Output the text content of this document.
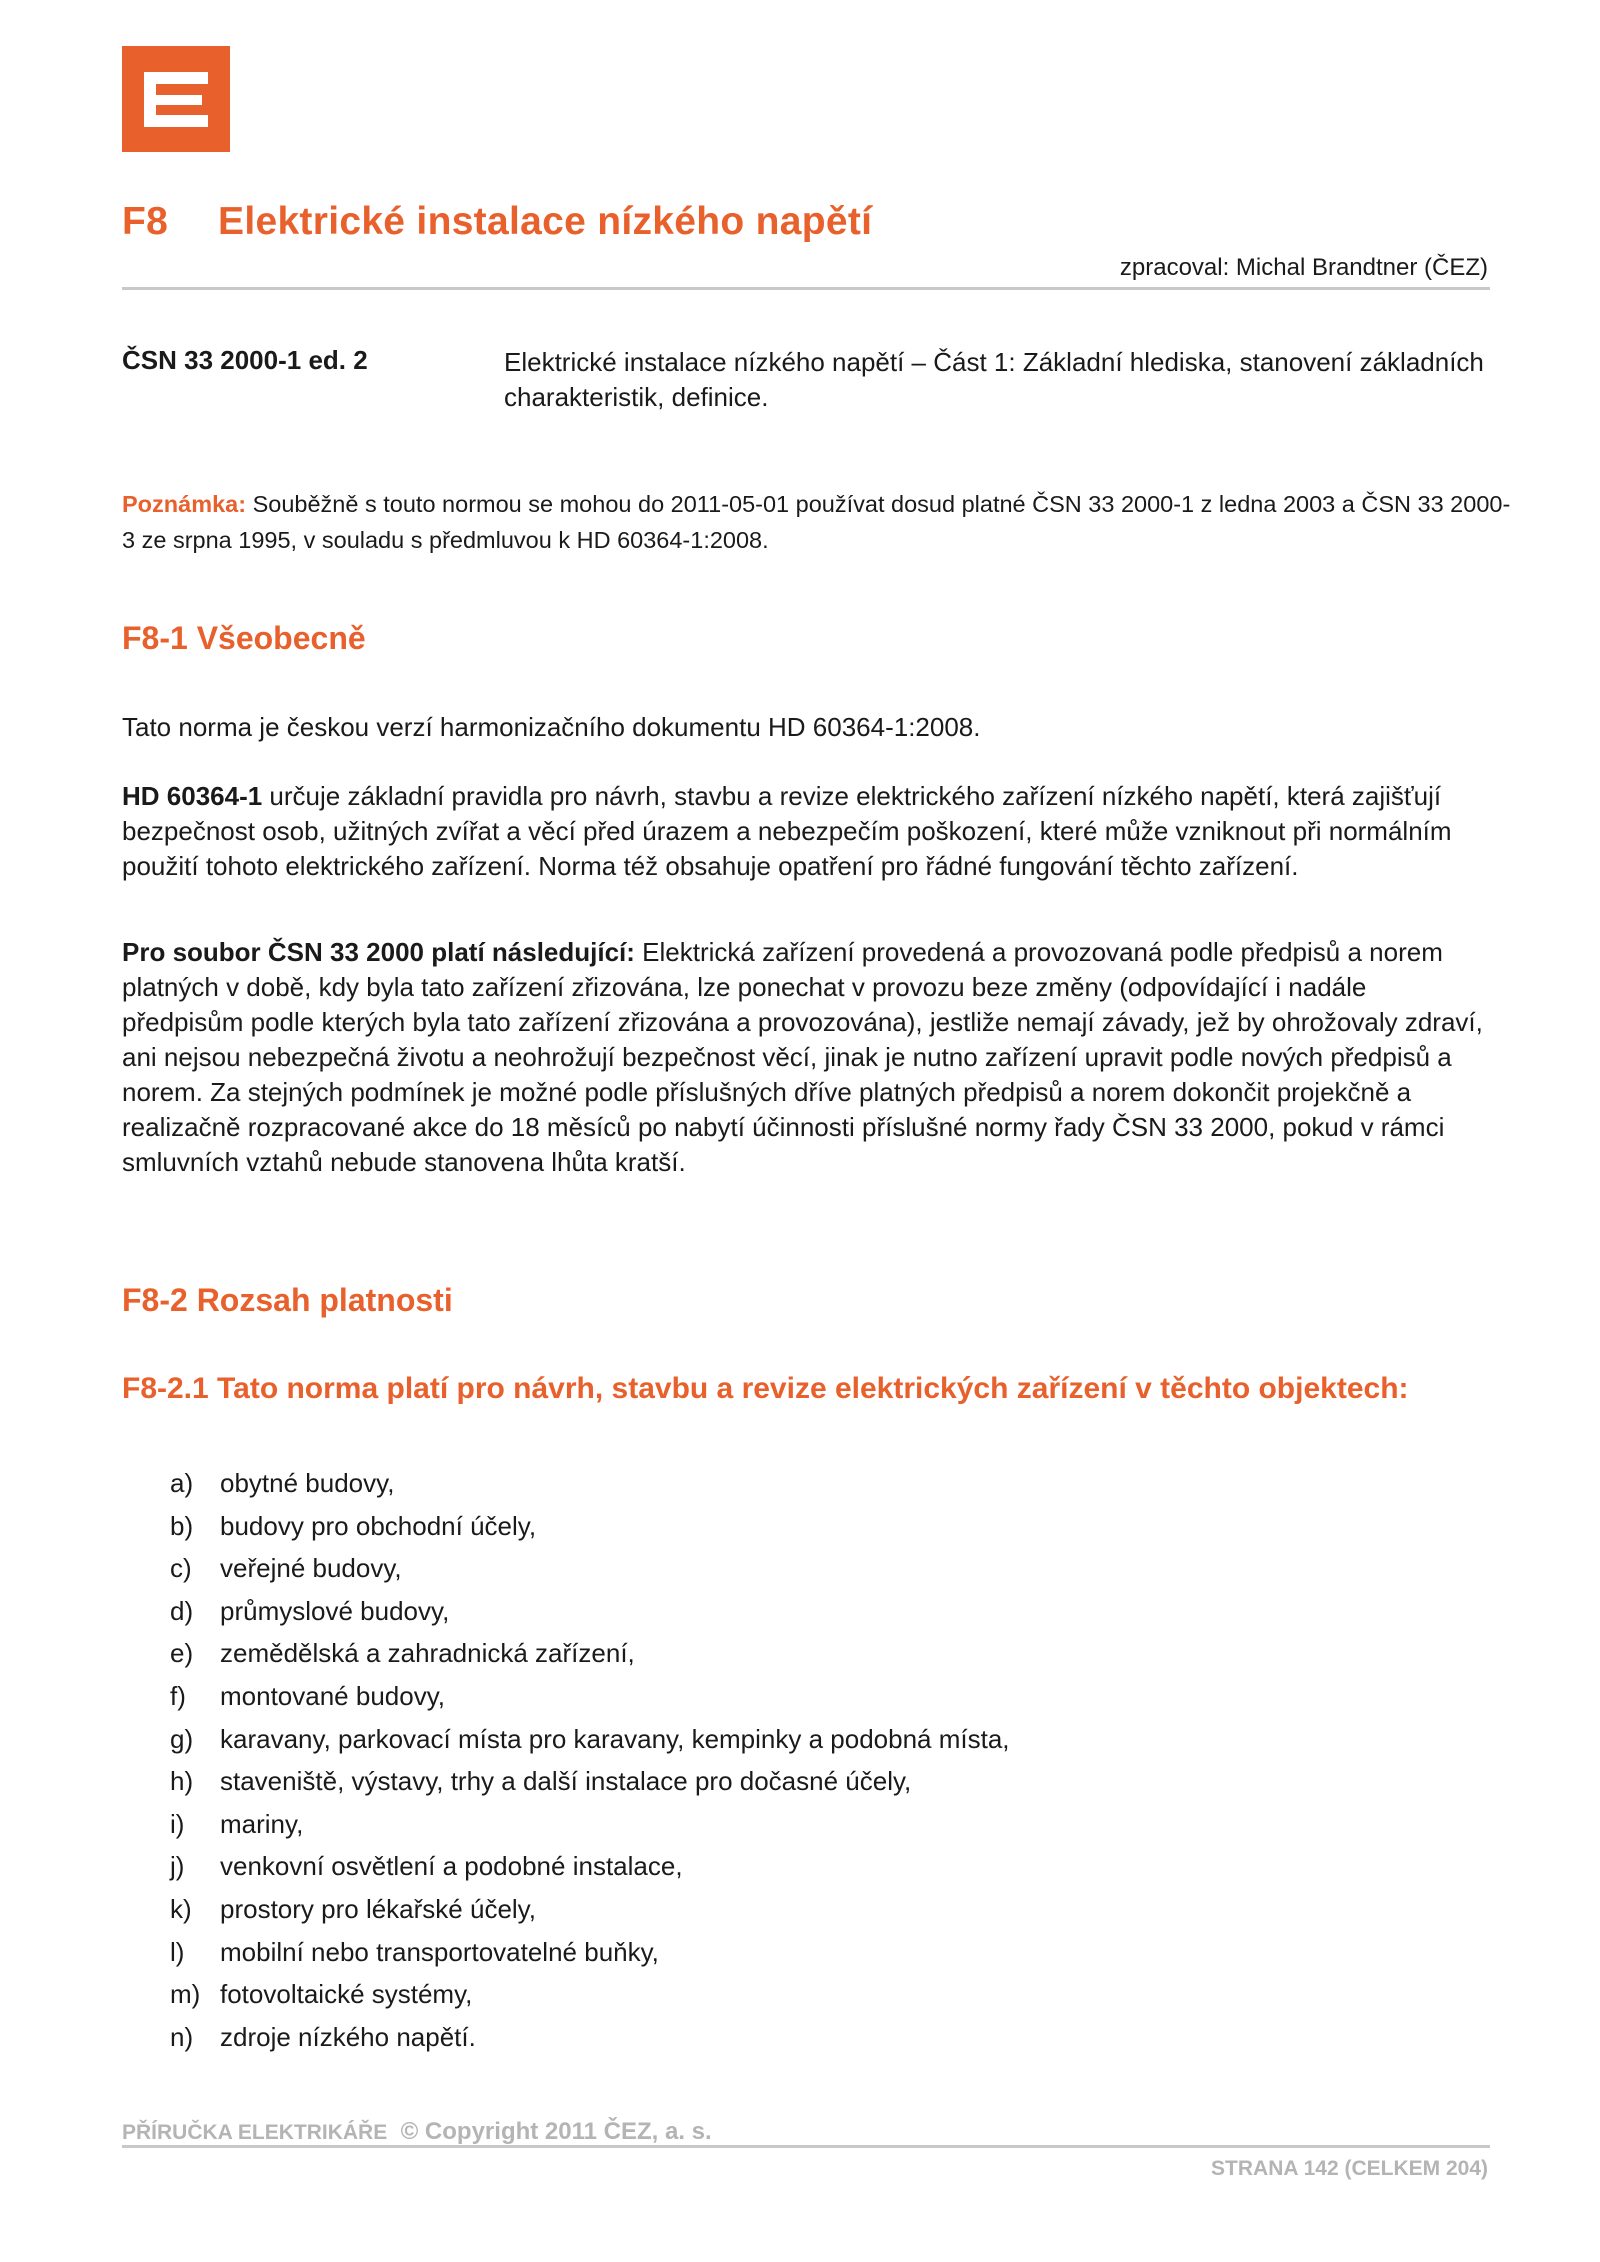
F8 Elektrické instalace nízkého napětí
zpracoval: Michal Brandtner (ČEZ)
ČSN 33 2000-1 ed. 2	Elektrické instalace nízkého napětí – Část 1: Základní hlediska, stanovení základních charakteristik, definice.

Poznámka: Souběžně s touto normou se mohou do 2011-05-01 používat dosud platné ČSN 33 2000-1 z ledna 2003 a ČSN 33 2000-3 ze srpna 1995, v souladu s předmluvou k HD 60364-1:2008.

F8-1 Všeobecně

Tato norma je českou verzí harmonizačního dokumentu HD 60364-1:2008.

HD 60364-1 určuje základní pravidla pro návrh, stavbu a revize elektrického zařízení nízkého napětí, která zajišťují bezpečnost osob, užitných zvířat a věcí před úrazem a nebezpečím poškození, které může vzniknout při normálním použití tohoto elektrického zařízení. Norma též obsahuje opatření pro řádné fungování těchto zařízení.

Pro soubor ČSN 33 2000 platí následující: Elektrická zařízení provedená a provozovaná podle předpisů a norem platných v době, kdy byla tato zařízení zřizována, lze ponechat v provozu beze změny (odpovídající i nadále předpisům podle kterých byla tato zařízení zřizována a provozována), jestliže nemají závady, jež by ohrožovaly zdraví, ani nejsou nebezpečná životu a neohrožují bezpečnost věcí, jinak je nutno zařízení upravit podle nových předpisů a norem. Za stejných podmínek je možné podle příslušných dříve platných předpisů a norem dokončit projekčně a realizačně rozpracované akce do 18 měsíců po nabytí účinnosti příslušné normy řady ČSN 33 2000, pokud v rámci smluvních vztahů nebude stanovena lhůta kratší.

F8-2 Rozsah platnosti
F8-2.1 Tato norma platí pro návrh, stavbu a revize elektrických zařízení v těchto objektech:
a) obytné budovy,
b) budovy pro obchodní účely,
c) veřejné budovy,
d) průmyslové budovy,
e) zemědělská a zahradnická zařízení,
f) montované budovy,
g) karavany, parkovací místa pro karavany, kempinky a podobná místa,
h) staveniště, výstavy, trhy a další instalace pro dočasné účely,
i) mariny,
j) venkovní osvětlení a podobné instalace,
k) prostory pro lékařské účely,
l) mobilní nebo transportovatelné buňky,
m) fotovoltaické systémy,
n) zdroje nízkého napětí.
PŘÍRUČKA ELEKTRIKÁŘE © Copyright 2011 ČEZ, a. s.
STRANA 142 (CELKEM 204)
